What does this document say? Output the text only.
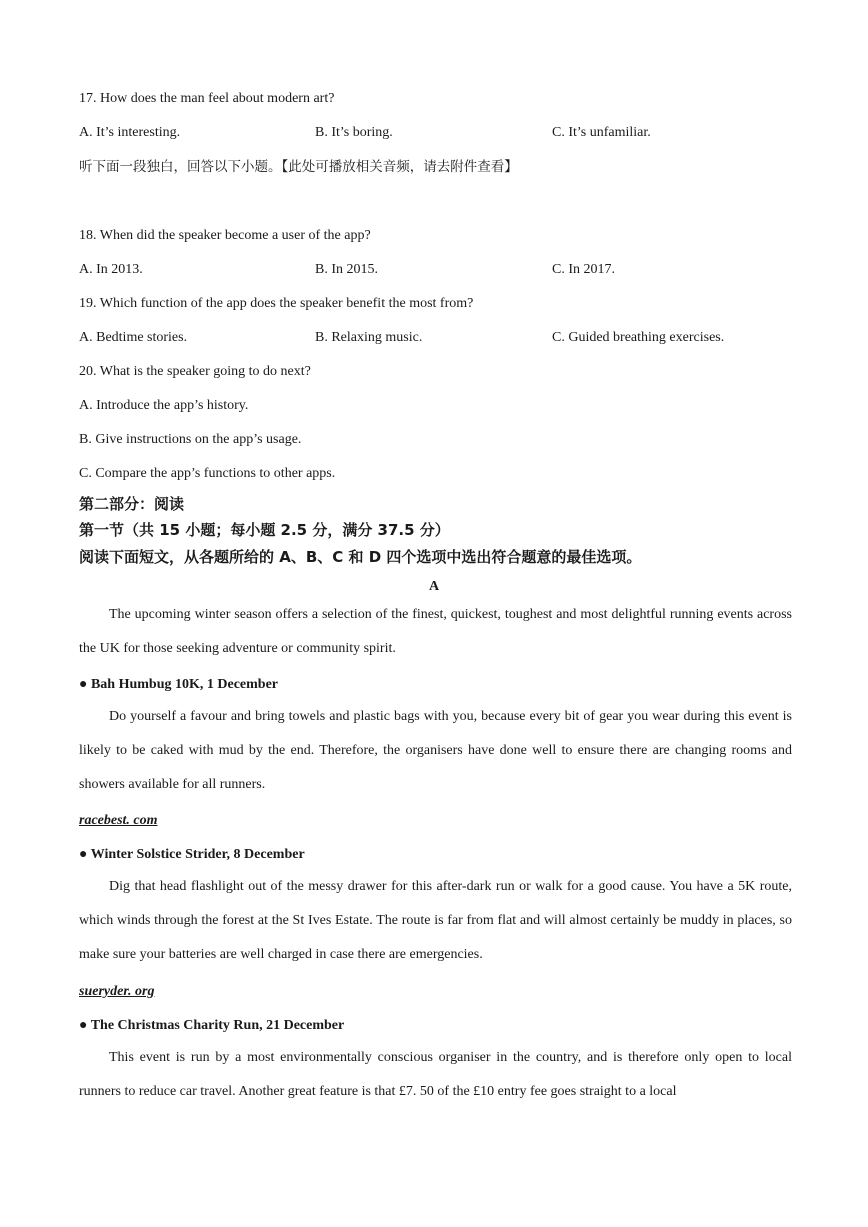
17. How does the man feel about modern art?
A. It’s interesting.	B. It’s boring.	C. It’s unfamiliar.
听下面一段独白，回答以下小题。【此处可播放相关音频，请去附件查看】
18. When did the speaker become a user of the app?
A. In 2013.	B. In 2015.	C. In 2017.
19. Which function of the app does the speaker benefit the most from?
A. Bedtime stories.	B. Relaxing music.	C. Guided breathing exercises.
20. What is the speaker going to do next?
A. Introduce the app’s history.
B. Give instructions on the app’s usage.
C. Compare the app’s functions to other apps.
第二部分：阅读
第一节（共 15 小题；每小题 2.5 分，满分 37.5 分）
阅读下面短文，从各题所给的 A、B、C 和 D 四个选项中选出符合题意的最佳选项。
A
The upcoming winter season offers a selection of the finest, quickest, toughest and most delightful running events across the UK for those seeking adventure or community spirit.
● Bah Humbug 10K, 1 December
Do yourself a favour and bring towels and plastic bags with you, because every bit of gear you wear during this event is likely to be caked with mud by the end. Therefore, the organisers have done well to ensure there are changing rooms and showers available for all runners.
racebest. com
● Winter Solstice Strider, 8 December
Dig that head flashlight out of the messy drawer for this after-dark run or walk for a good cause. You have a 5K route, which winds through the forest at the St Ives Estate. The route is far from flat and will almost certainly be muddy in places, so make sure your batteries are well charged in case there are emergencies.
sueryder. org
● The Christmas Charity Run, 21 December
This event is run by a most environmentally conscious organiser in the country, and is therefore only open to local runners to reduce car travel. Another great feature is that £7. 50 of the £10 entry fee goes straight to a local
